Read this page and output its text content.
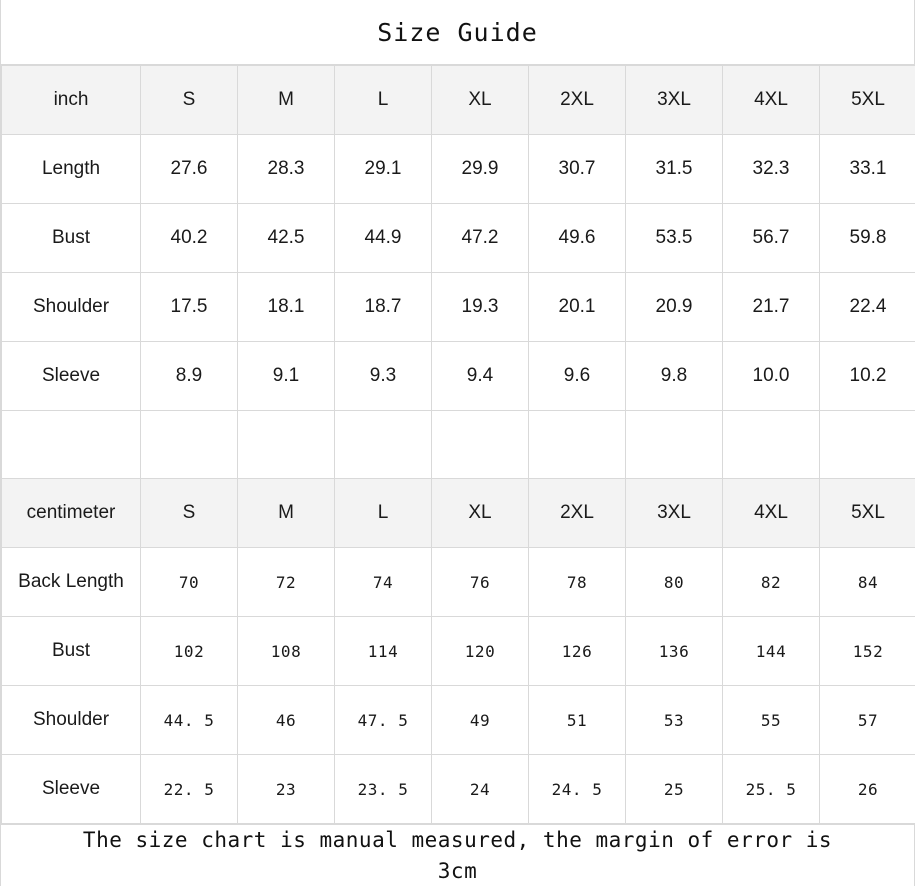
Size Guide
inch	S	M	L	XL	2XL	3XL	4XL	5XL
Length	27.6	28.3	29.1	29.9	30.7	31.5	32.3	33.1
Bust	40.2	42.5	44.9	47.2	49.6	53.5	56.7	59.8
Shoulder	17.5	18.1	18.7	19.3	20.1	20.9	21.7	22.4
Sleeve	8.9	9.1	9.3	9.4	9.6	9.8	10.0	10.2

centimeter	S	M	L	XL	2XL	3XL	4XL	5XL
Back Length	70	72	74	76	78	80	82	84
Bust	102	108	114	120	126	136	144	152
Shoulder	44. 5	46	47. 5	49	51	53	55	57
Sleeve	22. 5	23	23. 5	24	24. 5	25	25. 5	26
The size chart is manual measured, the margin of error is
3cm
